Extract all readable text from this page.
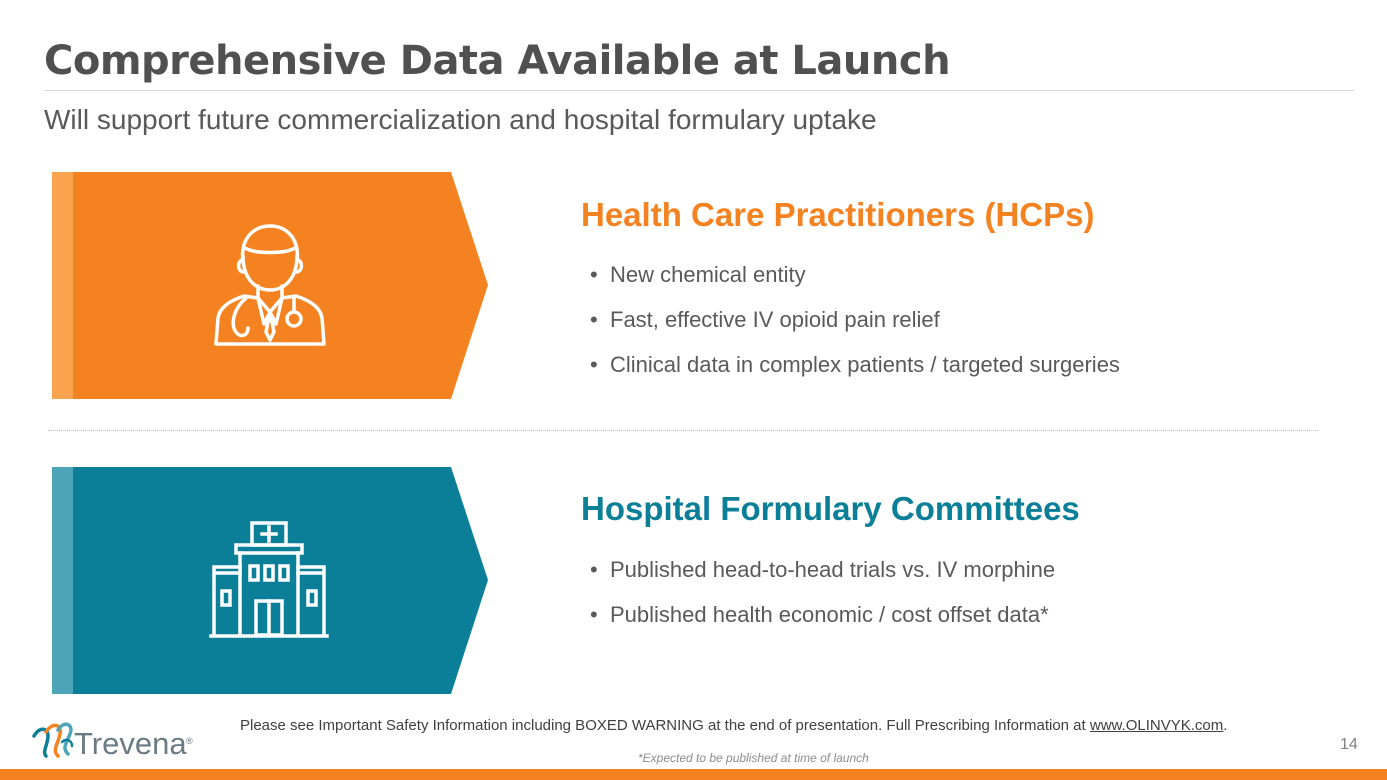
Comprehensive Data Available at Launch
Will support future commercialization and hospital formulary uptake
Health Care Practitioners (HCPs)
• New chemical entity
• Fast, effective IV opioid pain relief
• Clinical data in complex patients / targeted surgeries
Hospital Formulary Committees
• Published head-to-head trials vs. IV morphine
• Published health economic / cost offset data*
Trevena ®
Please see Important Safety Information including BOXED WARNING at the end of presentation. Full Prescribing Information at www.OLINVYK.com.
14
*Expected to be published at time of launch
